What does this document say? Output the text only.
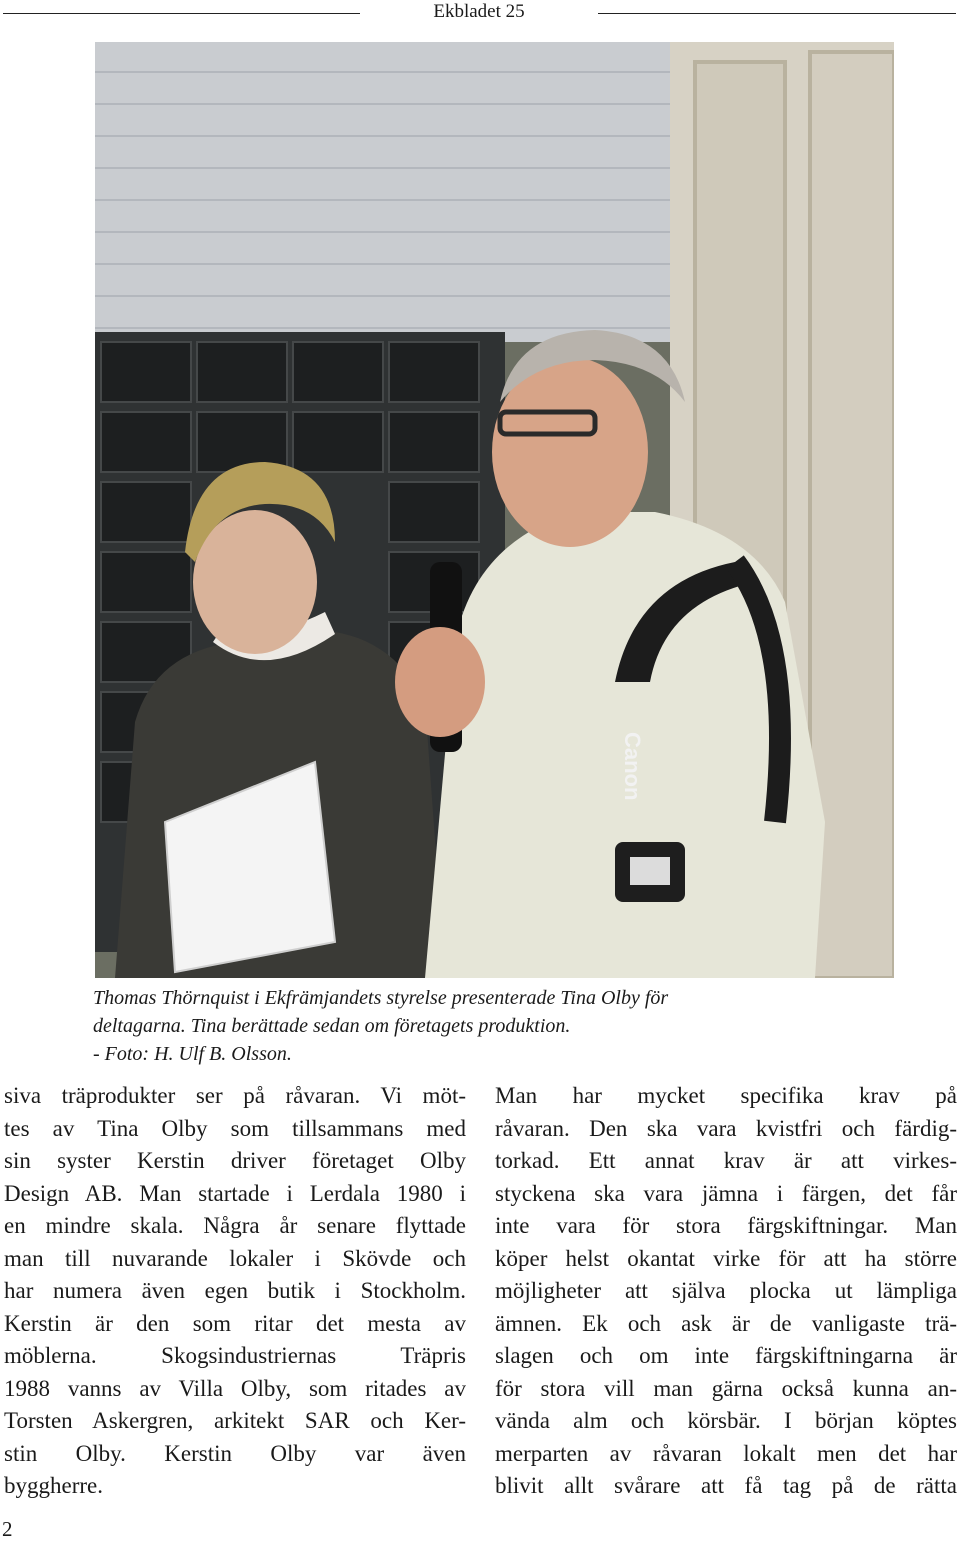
Ekbladet 25
Canon
Thomas Thörnquist i Ekfrämjandets styrelse presenterade Tina Olby för
deltagarna. Tina berättade sedan om företagets produktion.
- Foto: H. Ulf B. Olsson.
siva träprodukter ser på råvaran. Vi möt-
tes av Tina Olby som tillsammans med
sin syster Kerstin driver företaget Olby
Design AB. Man startade i Lerdala 1980 i
en mindre skala. Några år senare flyttade
man till nuvarande lokaler i Skövde och
har numera även egen butik i Stockholm.
Kerstin är den som ritar det mesta av
möblerna. Skogsindustriernas Träpris
1988 vanns av Villa Olby, som ritades av
Torsten Askergren, arkitekt SAR och Ker-
stin Olby. Kerstin Olby var även
byggherre.
Man har mycket specifika krav på
råvaran. Den ska vara kvistfri och färdig-
torkad. Ett annat krav är att virkes-
styckena ska vara jämna i färgen, det får
inte vara för stora färgskiftningar. Man
köper helst okantat virke för att ha större
möjligheter att själva plocka ut lämpliga
ämnen. Ek och ask är de vanligaste trä-
slagen och om inte färgskiftningarna är
för stora vill man gärna också kunna an-
vända alm och körsbär. I början köptes
merparten av råvaran lokalt men det har
blivit allt svårare att få tag på de rätta
2
